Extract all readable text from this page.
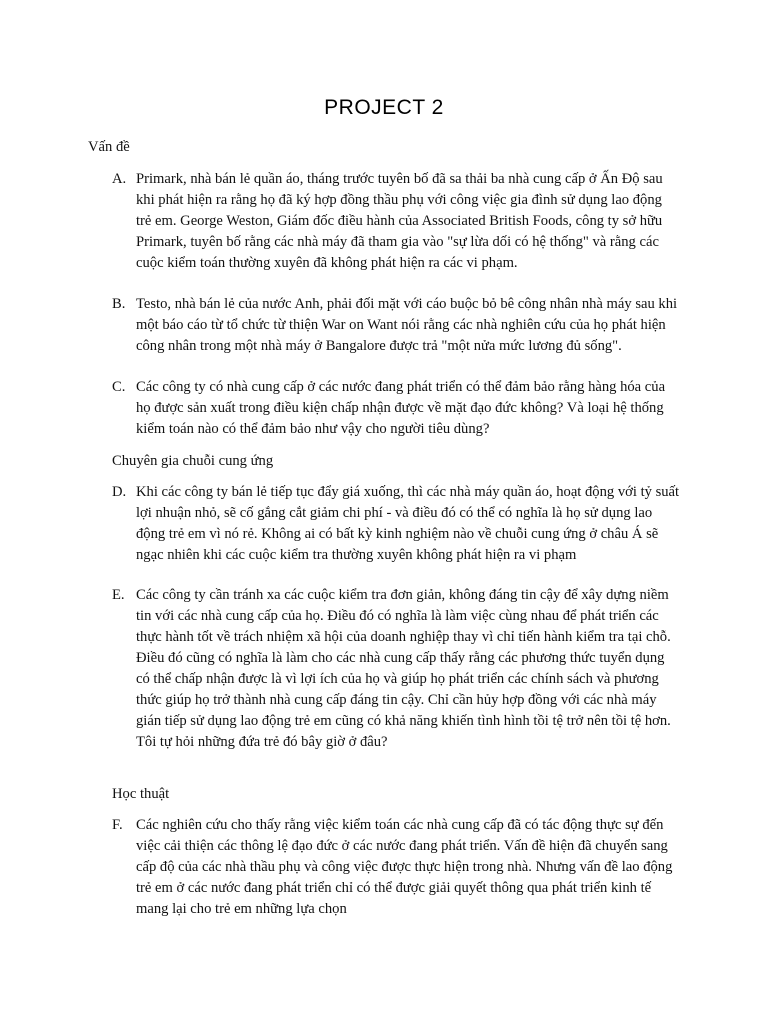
PROJECT 2
Vấn đề
A. Primark, nhà bán lẻ quần áo, tháng trước tuyên bố đã sa thải ba nhà cung cấp ở Ấn Độ sau khi phát hiện ra rằng họ đã ký hợp đồng thầu phụ với công việc gia đình sử dụng lao động trẻ em. George Weston, Giám đốc điều hành của Associated British Foods, công ty sở hữu Primark, tuyên bố rằng các nhà máy đã tham gia vào "sự lừa dối có hệ thống" và rằng các cuộc kiểm toán thường xuyên đã không phát hiện ra các vi phạm.
B. Testo, nhà bán lẻ của nước Anh, phải đối mặt với cáo buộc bỏ bê công nhân nhà máy sau khi một báo cáo từ tổ chức từ thiện War on Want nói rằng các nhà nghiên cứu của họ phát hiện công nhân trong một nhà máy ở Bangalore được trả "một nửa mức lương đủ sống".
C. Các công ty có nhà cung cấp ở các nước đang phát triển có thể đảm bảo rằng hàng hóa của họ được sản xuất trong điều kiện chấp nhận được về mặt đạo đức không? Và loại hệ thống kiểm toán nào có thể đảm bảo như vậy cho người tiêu dùng?
Chuyên gia chuỗi cung ứng
D. Khi các công ty bán lẻ tiếp tục đẩy giá xuống, thì các nhà máy quần áo, hoạt động với tỷ suất lợi nhuận nhỏ, sẽ cố gắng cắt giảm chi phí - và điều đó có thể có nghĩa là họ sử dụng lao động trẻ em vì nó rẻ. Không ai có bất kỳ kinh nghiệm nào về chuỗi cung ứng ở châu Á sẽ ngạc nhiên khi các cuộc kiểm tra thường xuyên không phát hiện ra vi phạm
E. Các công ty cần tránh xa các cuộc kiểm tra đơn giản, không đáng tin cậy để xây dựng niềm tin với các nhà cung cấp của họ. Điều đó có nghĩa là làm việc cùng nhau để phát triển các thực hành tốt về trách nhiệm xã hội của doanh nghiệp thay vì chỉ tiến hành kiểm tra tại chỗ. Điều đó cũng có nghĩa là làm cho các nhà cung cấp thấy rằng các phương thức tuyển dụng có thể chấp nhận được là vì lợi ích của họ và giúp họ phát triển các chính sách và phương thức giúp họ trở thành nhà cung cấp đáng tin cậy. Chỉ cần hủy hợp đồng với các nhà máy gián tiếp sử dụng lao động trẻ em cũng có khả năng khiến tình hình tồi tệ trở nên tồi tệ hơn. Tôi tự hỏi những đứa trẻ đó bây giờ ở đâu?
Học thuật
F. Các nghiên cứu cho thấy rằng việc kiểm toán các nhà cung cấp đã có tác động thực sự đến việc cải thiện các thông lệ đạo đức ở các nước đang phát triển. Vấn đề hiện đã chuyển sang cấp độ của các nhà thầu phụ và công việc được thực hiện trong nhà. Nhưng vấn đề lao động trẻ em ở các nước đang phát triển chỉ có thể được giải quyết thông qua phát triển kinh tế mang lại cho trẻ em những lựa chọn
